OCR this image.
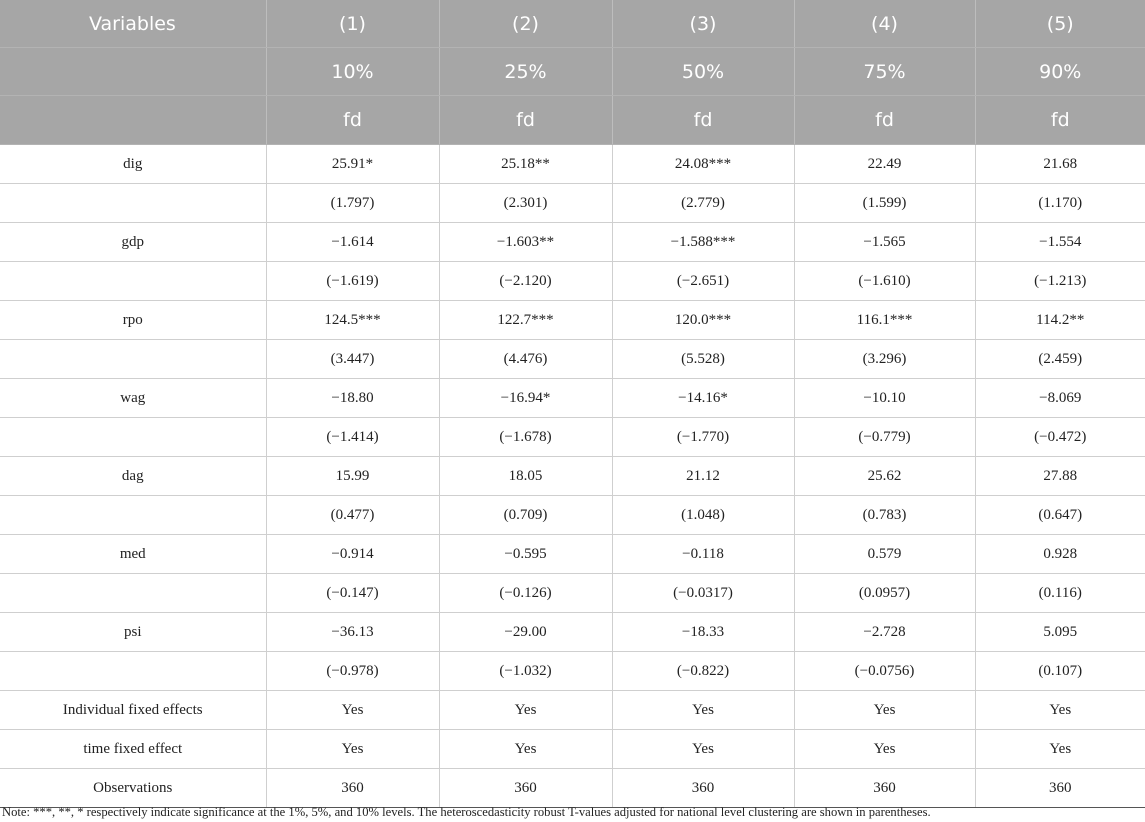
Variables	(1)	(2)	(3)	(4)	(5)
	10%	25%	50%	75%	90%
	fd	fd	fd	fd	fd
dig	25.91*	25.18**	24.08***	22.49	21.68
	(1.797)	(2.301)	(2.779)	(1.599)	(1.170)
gdp	−1.614	−1.603**	−1.588***	−1.565	−1.554
	(−1.619)	(−2.120)	(−2.651)	(−1.610)	(−1.213)
rpo	124.5***	122.7***	120.0***	116.1***	114.2**
	(3.447)	(4.476)	(5.528)	(3.296)	(2.459)
wag	−18.80	−16.94*	−14.16*	−10.10	−8.069
	(−1.414)	(−1.678)	(−1.770)	(−0.779)	(−0.472)
dag	15.99	18.05	21.12	25.62	27.88
	(0.477)	(0.709)	(1.048)	(0.783)	(0.647)
med	−0.914	−0.595	−0.118	0.579	0.928
	(−0.147)	(−0.126)	(−0.0317)	(0.0957)	(0.116)
psi	−36.13	−29.00	−18.33	−2.728	5.095
	(−0.978)	(−1.032)	(−0.822)	(−0.0756)	(0.107)
Individual fixed effects	Yes	Yes	Yes	Yes	Yes
time fixed effect	Yes	Yes	Yes	Yes	Yes
Observations	360	360	360	360	360
Note: ***, **, * respectively indicate significance at the 1%, 5%, and 10% levels. The heteroscedasticity robust T-values adjusted for national level clustering are shown in parentheses.
